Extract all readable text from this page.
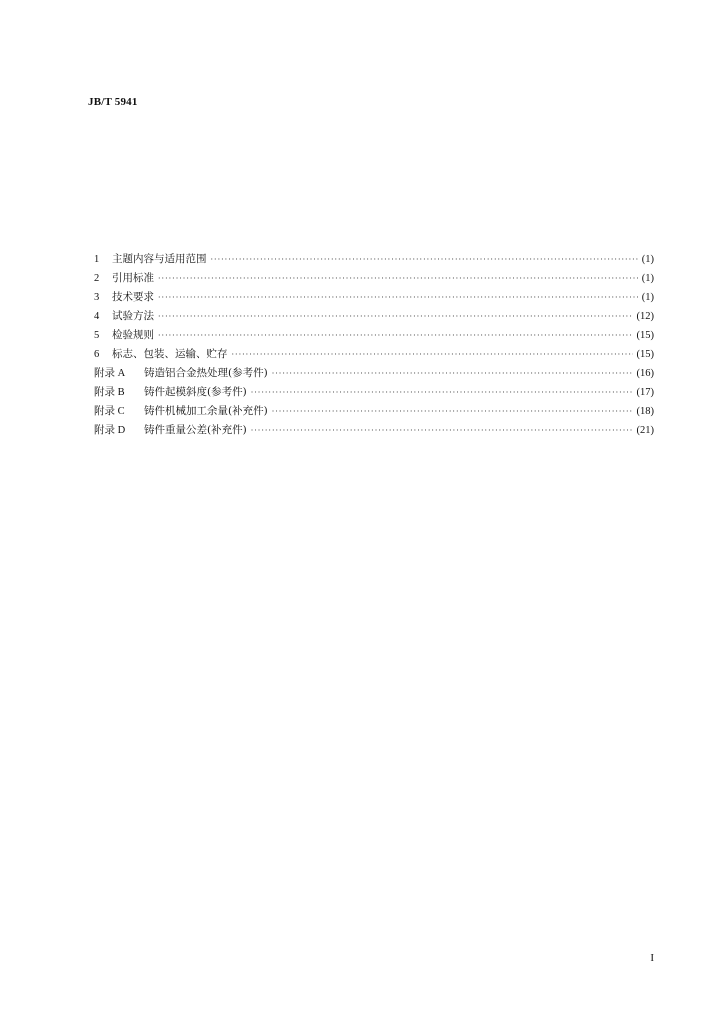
JB/T 5941
1	主题内容与适用范围 ·····	(1)
2	引用标准 ·····	(1)
3	技术要求 ·····	(1)
4	试验方法 ·····	(12)
5	检验规则 ·····	(15)
6	标志、包装、运输、贮存 ·····	(15)
附录 A	铸造铝合金热处理(参考件) ·····	(16)
附录 B	铸件起模斜度(参考件) ·····	(17)
附录 C	铸件机械加工余量(补充件) ·····	(18)
附录 D	铸件重量公差(补充件) ·····	(21)
I
